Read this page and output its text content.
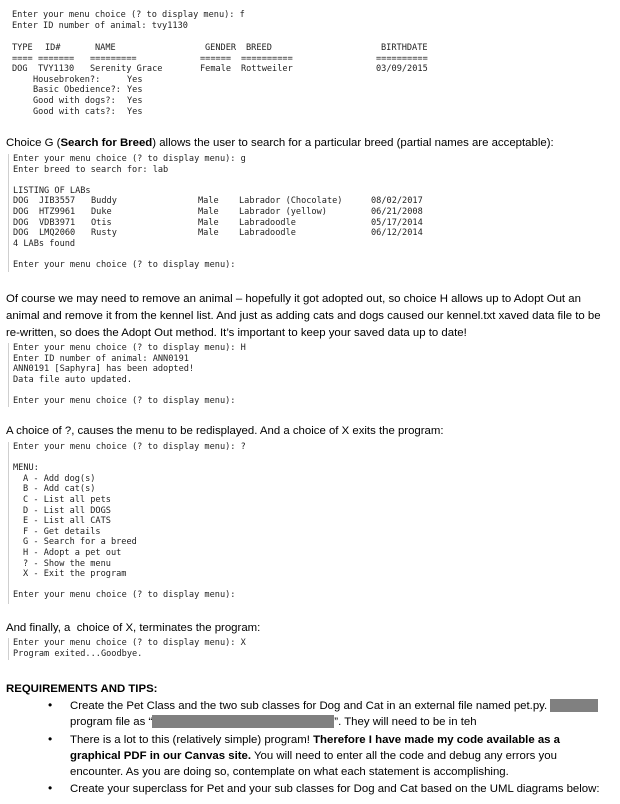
Enter your menu choice (? to display menu): f
Enter ID number of animal: tvy1130
TYPE ID#	NAME	GENDER BREED	BIRTHDATE
==== ======= =========	====== ==========	==========
DOG TVY1130 Serenity Grace	Female Rottweiler	03/09/2015
Housebroken?:	Yes
Basic Obedience?: Yes
Good with dogs?: Yes
Good with cats?: Yes
Choice G (Search for Breed) allows the user to search for a particular breed (partial names are acceptable):
Enter your menu choice (? to display menu): g
Enter breed to search for: lab
LISTING OF LABs
DOG JIB3557 Buddy	Male Labrador (Chocolate)	08/02/2017
DOG HTZ9961 Duke	Male Labrador (yellow)	06/21/2008
DOG VDB3971 Otis	Male Labradoodle	05/17/2014
DOG LMQ2060 Rusty	Male Labradoodle	06/12/2014
4 LABs found
Enter your menu choice (? to display menu):
Of course we may need to remove an animal – hopefully it got adopted out, so choice H allows up to Adopt Out an
animal and remove it from the kennel list. And just as adding cats and dogs caused our kennel.txt xaved data file to be
re-written, so does the Adopt Out method. It’s important to keep your saved data up to date!
Enter your menu choice (? to display menu): H
Enter ID number of animal: ANN0191
ANN0191 [Saphyra] has been adopted!
Data file auto updated.
Enter your menu choice (? to display menu):
A choice of ?, causes the menu to be redisplayed. And a choice of X exits the program:
Enter your menu choice (? to display menu): ?
MENU:
A - Add dog(s)
B - Add cat(s)
C - List all pets
D - List all DOGS
E - List all CATS
F - Get details
G - Search for a breed
H - Adopt a pet out
? - Show the menu
X - Exit the program
Enter your menu choice (? to display menu):
And finally, a  choice of X, terminates the program:
Enter your menu choice (? to display menu): X
Program exited...Goodbye.
REQUIREMENTS AND TIPS:
• Create the Pet Class and the two sub classes for Dog and Cat in an external file named pet.py.
program file as “	”. They will need to be in teh
• There is a lot to this (relatively simple) program! Therefore I have made my code available as a
graphical PDF in our Canvas site. You will need to enter all the code and debug any errors you
encounter. As you are doing so, contemplate on what each statement is accomplishing.
• Create your superclass for Pet and your sub classes for Dog and Cat based on the UML diagrams below:
